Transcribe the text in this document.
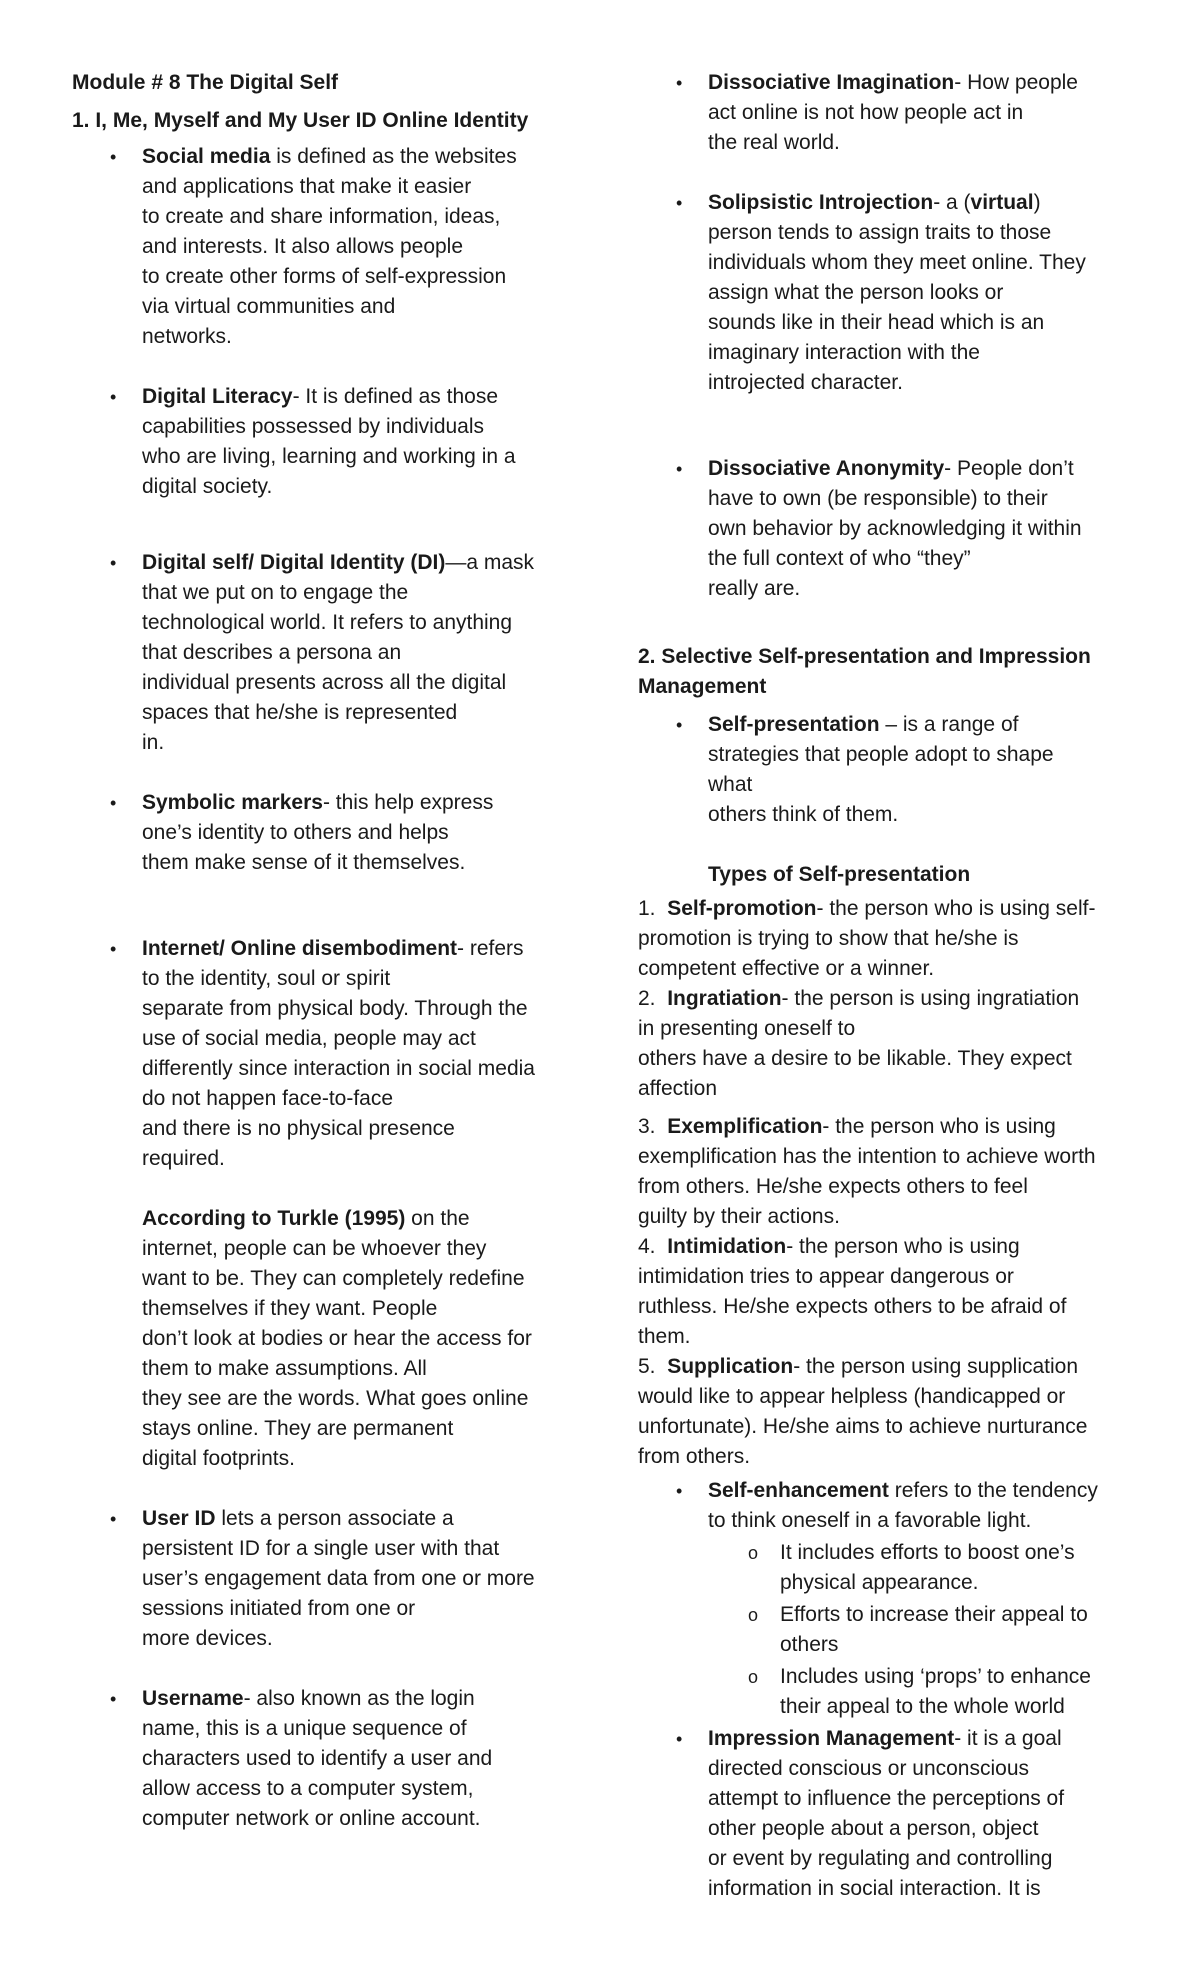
Module # 8 The Digital Self
1. I, Me, Myself and My User ID Online Identity
• Social media is defined as the websites
and applications that make it easier
to create and share information, ideas,
and interests. It also allows people
to create other forms of self-expression
via virtual communities and
networks.
• Digital Literacy- It is defined as those
capabilities possessed by individuals
who are living, learning and working in a
digital society.
• Digital self/ Digital Identity (DI)—a mask
that we put on to engage the
technological world. It refers to anything
that describes a persona an
individual presents across all the digital
spaces that he/she is represented
in.
• Symbolic markers- this help express
one’s identity to others and helps
them make sense of it themselves.
• Internet/ Online disembodiment- refers
to the identity, soul or spirit
separate from physical body. Through the
use of social media, people may act
differently since interaction in social media
do not happen face-to-face
and there is no physical presence
required.
According to Turkle (1995) on the
internet, people can be whoever they
want to be. They can completely redefine
themselves if they want. People
don’t look at bodies or hear the access for
them to make assumptions. All
they see are the words. What goes online
stays online. They are permanent
digital footprints.
• User ID lets a person associate a
persistent ID for a single user with that
user’s engagement data from one or more
sessions initiated from one or
more devices.
• Username- also known as the login
name, this is a unique sequence of
characters used to identify a user and
allow access to a computer system,
computer network or online account.
• Dissociative Imagination- How people
act online is not how people act in
the real world.
• Solipsistic Introjection- a (virtual)
person tends to assign traits to those
individuals whom they meet online. They
assign what the person looks or
sounds like in their head which is an
imaginary interaction with the
introjected character.
• Dissociative Anonymity- People don’t
have to own (be responsible) to their
own behavior by acknowledging it within
the full context of who “they”
really are.
2. Selective Self-presentation and Impression
Management
• Self-presentation – is a range of
strategies that people adopt to shape
what
others think of them.
Types of Self-presentation
1. Self-promotion- the person who is using self-
promotion is trying to show that he/she is
competent effective or a winner.
2. Ingratiation- the person is using ingratiation
in presenting oneself to
others have a desire to be likable. They expect
affection
3. Exemplification- the person who is using
exemplification has the intention to achieve worth
from others. He/she expects others to feel
guilty by their actions.
4. Intimidation- the person who is using
intimidation tries to appear dangerous or
ruthless. He/she expects others to be afraid of
them.
5. Supplication- the person using supplication
would like to appear helpless (handicapped or
unfortunate). He/she aims to achieve nurturance
from others.
• Self-enhancement refers to the tendency
to think oneself in a favorable light.
o It includes efforts to boost one’s
physical appearance.
o Efforts to increase their appeal to
others
o Includes using ‘props’ to enhance
their appeal to the whole world
• Impression Management- it is a goal
directed conscious or unconscious
attempt to influence the perceptions of
other people about a person, object
or event by regulating and controlling
information in social interaction. It is
